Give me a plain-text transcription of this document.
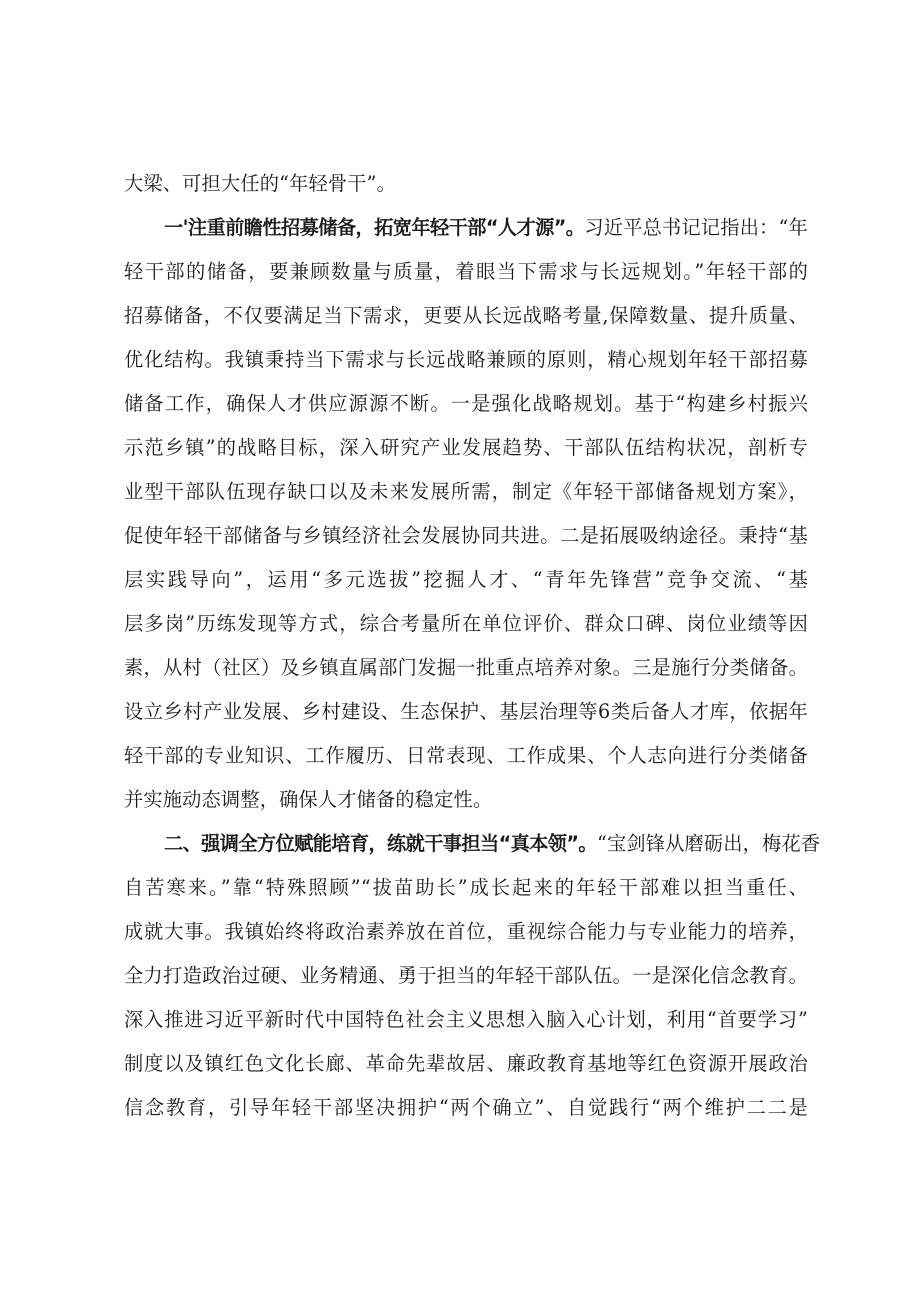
大梁、可担大任的“年轻骨干”。
一'注重前瞻性招募储备，拓宽年轻干部“人才源”。习近平总书记记指出：“年
轻干部的储备，要兼顾数量与质量，着眼当下需求与长远规划。”年轻干部的
招募储备，不仅要满足当下需求，更要从长远战略考量,保障数量、提升质量、
优化结构。我镇秉持当下需求与长远战略兼顾的原则，精心规划年轻干部招募
储备工作，确保人才供应源源不断。一是强化战略规划。基于“构建乡村振兴
示范乡镇”的战略目标，深入研究产业发展趋势、干部队伍结构状况，剖析专
业型干部队伍现存缺口以及未来发展所需，制定《年轻干部储备规划方案》，
促使年轻干部储备与乡镇经济社会发展协同共进。二是拓展吸纳途径。秉持“基
层实践导向”，运用“多元选拔”挖掘人才、“青年先锋营”竞争交流、“基
层多岗”历练发现等方式，综合考量所在单位评价、群众口碑、岗位业绩等因
素，从村（社区）及乡镇直属部门发掘一批重点培养对象。三是施行分类储备。
设立乡村产业发展、乡村建设、生态保护、基层治理等6类后备人才库，依据年
轻干部的专业知识、工作履历、日常表现、工作成果、个人志向进行分类储备
并实施动态调整，确保人才储备的稳定性。
二、强调全方位赋能培育，练就干事担当“真本领”。“宝剑锋从磨砺出，梅花香
自苦寒来。”靠“特殊照顾”“拔苗助长”成长起来的年轻干部难以担当重任、
成就大事。我镇始终将政治素养放在首位，重视综合能力与专业能力的培养，
全力打造政治过硬、业务精通、勇于担当的年轻干部队伍。一是深化信念教育。
深入推进习近平新时代中国特色社会主义思想入脑入心计划，利用“首要学习”
制度以及镇红色文化长廊、革命先辈故居、廉政教育基地等红色资源开展政治
信念教育，引导年轻干部坚决拥护“两个确立”、自觉践行“两个维护二二是
